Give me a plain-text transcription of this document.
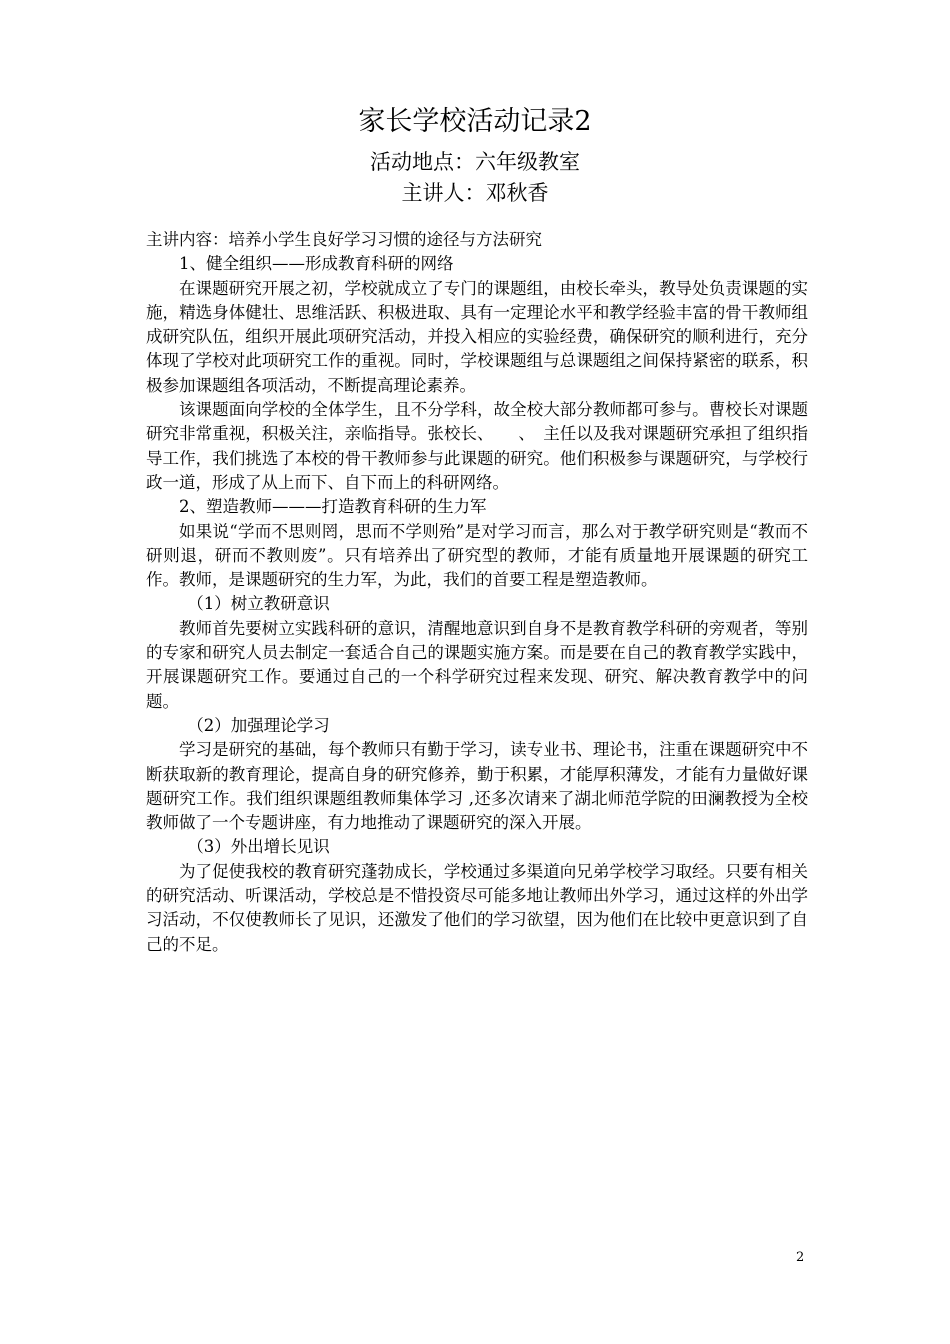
家长学校活动记录2
活动地点：六年级教室
主讲人：邓秋香

主讲内容：培养小学生良好学习习惯的途径与方法研究

1、健全组织——形成教育科研的网络

在课题研究开展之初，学校就成立了专门的课题组，由校长牵头，教导处负责课题的实施，精选身体健壮、思维活跃、积极进取、具有一定理论水平和教学经验丰富的骨干教师组成研究队伍，组织开展此项研究活动，并投入相应的实验经费，确保研究的顺利进行，充分体现了学校对此项研究工作的重视。同时，学校课题组与总课题组之间保持紧密的联系，积极参加课题组各项活动，不断提高理论素养。

该课题面向学校的全体学生，且不分学科，故全校大部分教师都可参与。曹校长对课题研究非常重视，积极关注，亲临指导。张校长、　　、　主任以及我对课题研究承担了组织指导工作，我们挑选了本校的骨干教师参与此课题的研究。他们积极参与课题研究，与学校行政一道，形成了从上而下、自下而上的科研网络。

2、塑造教师———打造教育科研的生力军

如果说“学而不思则罔，思而不学则殆”是对学习而言，那么对于教学研究则是“教而不研则退，研而不教则废”。只有培养出了研究型的教师，才能有质量地开展课题的研究工作。教师，是课题研究的生力军，为此，我们的首要工程是塑造教师。

（1）树立教研意识

教师首先要树立实践科研的意识，清醒地意识到自身不是教育教学科研的旁观者，等别的专家和研究人员去制定一套适合自己的课题实施方案。而是要在自己的教育教学实践中，开展课题研究工作。要通过自己的一个科学研究过程来发现、研究、解决教育教学中的问题。

（2）加强理论学习

学习是研究的基础，每个教师只有勤于学习，读专业书、理论书，注重在课题研究中不断获取新的教育理论，提高自身的研究修养，勤于积累，才能厚积薄发，才能有力量做好课题研究工作。我们组织课题组教师集体学习 ,还多次请来了湖北师范学院的田澜教授为全校教师做了一个专题讲座，有力地推动了课题研究的深入开展。

（3）外出增长见识

为了促使我校的教育研究蓬勃成长，学校通过多渠道向兄弟学校学习取经。只要有相关的研究活动、听课活动，学校总是不惜投资尽可能多地让教师出外学习，通过这样的外出学习活动，不仅使教师长了见识，还激发了他们的学习欲望，因为他们在比较中更意识到了自己的不足。

2
